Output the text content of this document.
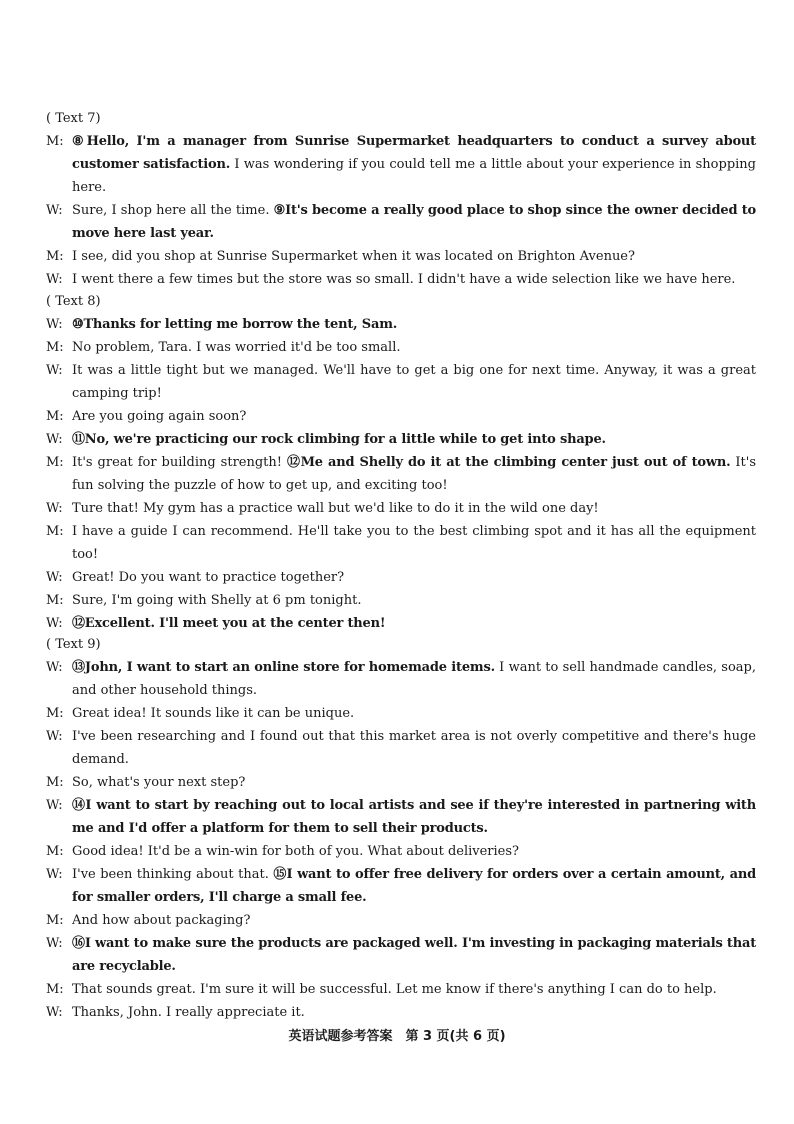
( Text 7)
M: ⑧Hello, I'm a manager from Sunrise Supermarket headquarters to conduct a survey about customer satisfaction. I was wondering if you could tell me a little about your experience in shopping here.
W: Sure, I shop here all the time. ⑨It's become a really good place to shop since the owner decided to move here last year.
M: I see, did you shop at Sunrise Supermarket when it was located on Brighton Avenue?
W: I went there a few times but the store was so small. I didn't have a wide selection like we have here.
( Text 8)
W: ⑩Thanks for letting me borrow the tent, Sam.
M: No problem, Tara. I was worried it'd be too small.
W: It was a little tight but we managed. We'll have to get a big one for next time. Anyway, it was a great camping trip!
M: Are you going again soon?
W: ⑪No, we're practicing our rock climbing for a little while to get into shape.
M: It's great for building strength! ⑫Me and Shelly do it at the climbing center just out of town. It's fun solving the puzzle of how to get up, and exciting too!
W: Ture that! My gym has a practice wall but we'd like to do it in the wild one day!
M: I have a guide I can recommend. He'll take you to the best climbing spot and it has all the equipment too!
W: Great! Do you want to practice together?
M: Sure, I'm going with Shelly at 6 pm tonight.
W: ⑫Excellent. I'll meet you at the center then!
( Text 9)
W: ⑬John, I want to start an online store for homemade items. I want to sell handmade candles, soap, and other household things.
M: Great idea! It sounds like it can be unique.
W: I've been researching and I found out that this market area is not overly competitive and there's huge demand.
M: So, what's your next step?
W: ⑭I want to start by reaching out to local artists and see if they're interested in partnering with me and I'd offer a platform for them to sell their products.
M: Good idea! It'd be a win-win for both of you. What about deliveries?
W: I've been thinking about that. ⑮I want to offer free delivery for orders over a certain amount, and for smaller orders, I'll charge a small fee.
M: And how about packaging?
W: ⑯I want to make sure the products are packaged well. I'm investing in packaging materials that are recyclable.
M: That sounds great. I'm sure it will be successful. Let me know if there's anything I can do to help.
W: Thanks, John. I really appreciate it.
英语试题参考答案　第 3 页(共 6 页)
